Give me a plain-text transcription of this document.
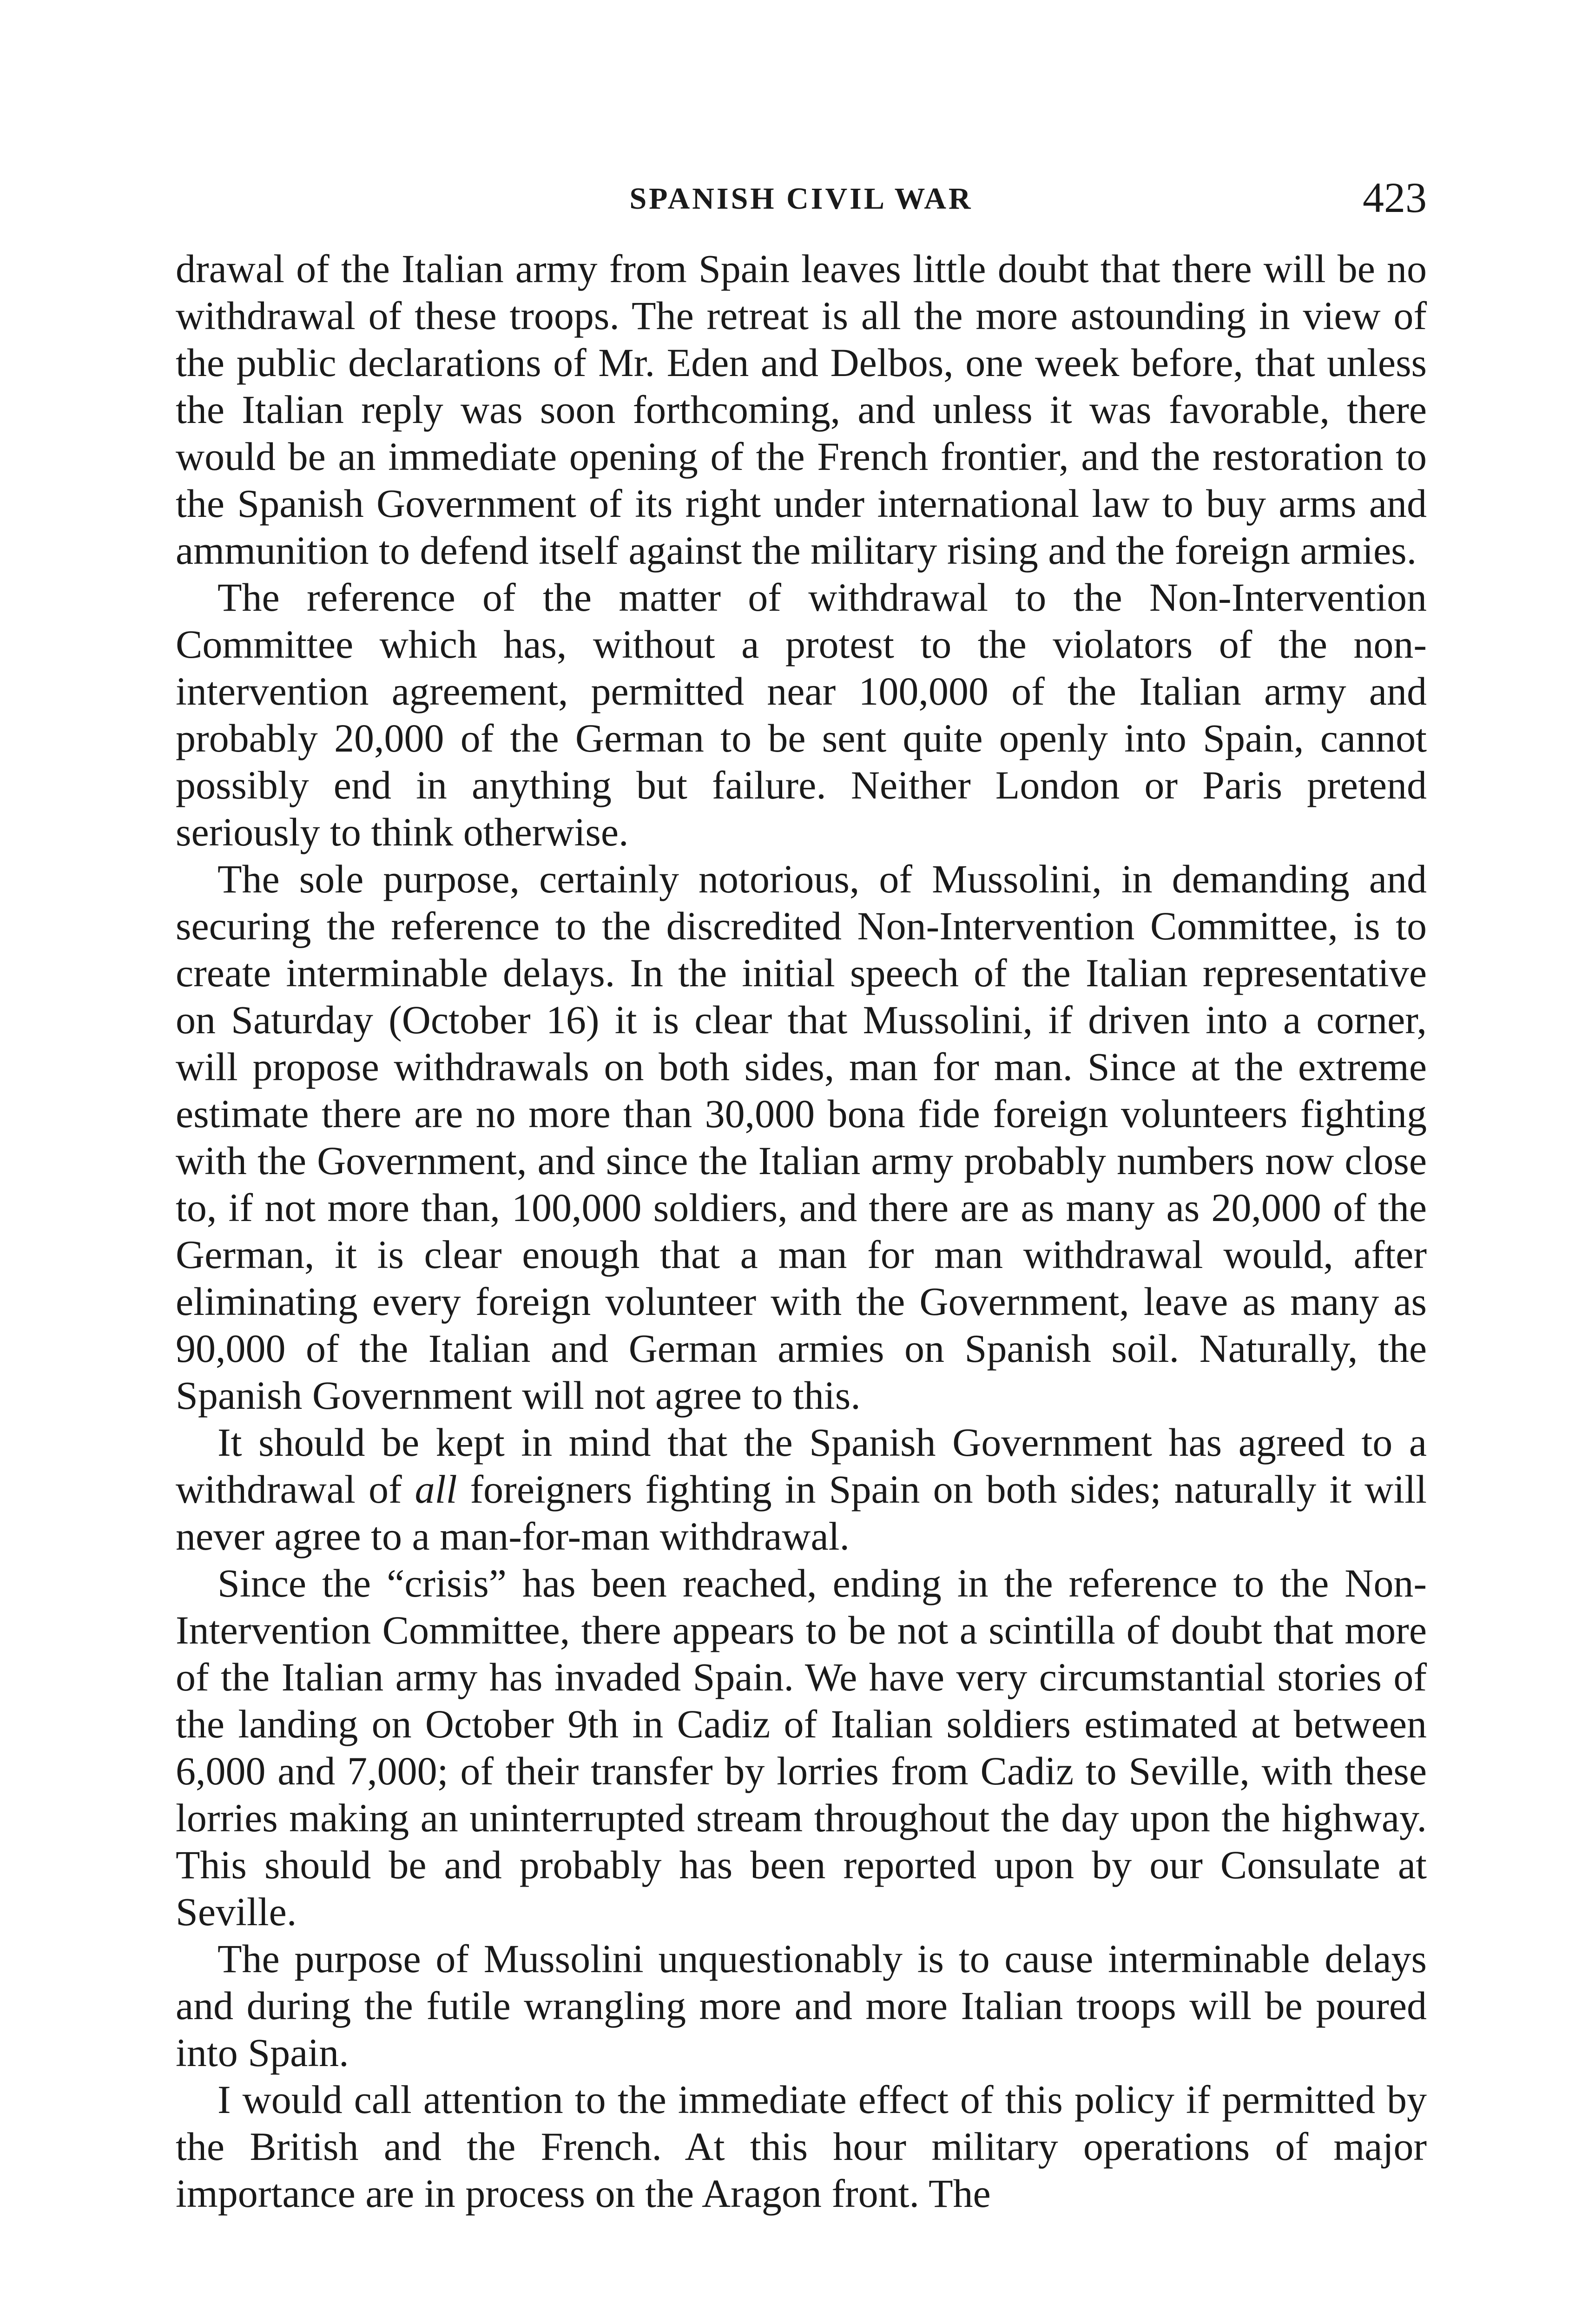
SPANISH CIVIL WAR	423

drawal of the Italian army from Spain leaves little doubt that there will be no withdrawal of these troops. The retreat is all the more astounding in view of the public declarations of Mr. Eden and Delbos, one week before, that unless the Italian reply was soon forthcoming, and unless it was favorable, there would be an immediate opening of the French frontier, and the restoration to the Spanish Government of its right under international law to buy arms and ammunition to defend itself against the military rising and the foreign armies.

The reference of the matter of withdrawal to the Non-Intervention Committee which has, without a protest to the violators of the non-intervention agreement, permitted near 100,000 of the Italian army and probably 20,000 of the German to be sent quite openly into Spain, cannot possibly end in anything but failure. Neither London or Paris pretend seriously to think otherwise.

The sole purpose, certainly notorious, of Mussolini, in demanding and securing the reference to the discredited Non-Intervention Committee, is to create interminable delays. In the initial speech of the Italian representative on Saturday (October 16) it is clear that Mussolini, if driven into a corner, will propose withdrawals on both sides, man for man. Since at the extreme estimate there are no more than 30,000 bona fide foreign volunteers fighting with the Government, and since the Italian army probably numbers now close to, if not more than, 100,000 soldiers, and there are as many as 20,000 of the German, it is clear enough that a man for man withdrawal would, after eliminating every foreign volunteer with the Government, leave as many as 90,000 of the Italian and German armies on Spanish soil. Naturally, the Spanish Government will not agree to this.

It should be kept in mind that the Spanish Government has agreed to a withdrawal of all foreigners fighting in Spain on both sides; naturally it will never agree to a man-for-man withdrawal.

Since the “crisis” has been reached, ending in the reference to the Non-Intervention Committee, there appears to be not a scintilla of doubt that more of the Italian army has invaded Spain. We have very circumstantial stories of the landing on October 9th in Cadiz of Italian soldiers estimated at between 6,000 and 7,000; of their transfer by lorries from Cadiz to Seville, with these lorries making an uninterrupted stream throughout the day upon the highway. This should be and probably has been reported upon by our Consulate at Seville.

The purpose of Mussolini unquestionably is to cause interminable delays and during the futile wrangling more and more Italian troops will be poured into Spain.

I would call attention to the immediate effect of this policy if permitted by the British and the French. At this hour military operations of major importance are in process on the Aragon front. The
